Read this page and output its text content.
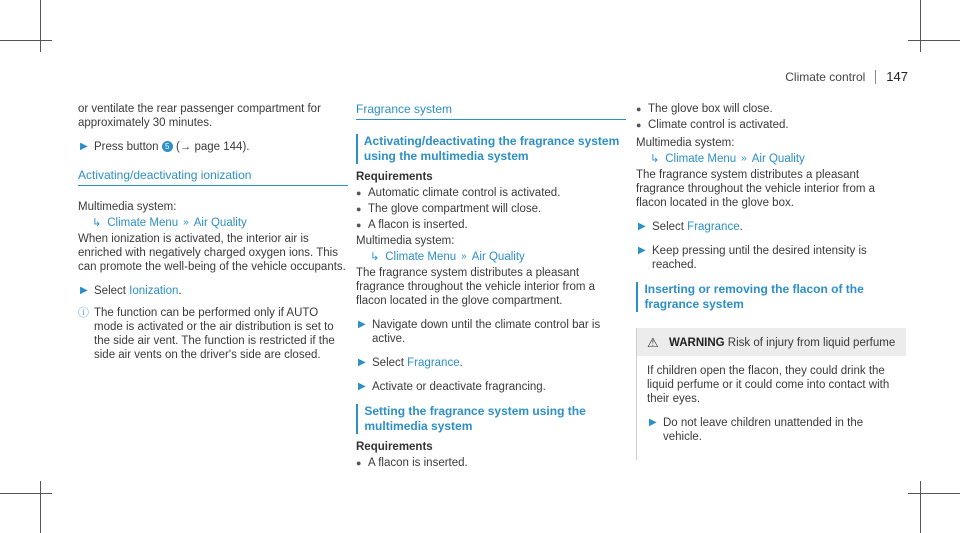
Climate control 147

or ventilate the rear passenger compartment for approximately 30 minutes.

▶ Press button 5 (→ page 144).
Activating/deactivating ionization

Multimedia system:

↳ Climate Menu » Air Quality

When ionization is activated, the interior air is enriched with negatively charged oxygen ions. This can promote the well-being of the vehicle occupants.

▶ Select Ionization.
ⓘ The function can be performed only if AUTO mode is activated or the air distribution is set to the side air vent. The function is restricted if the side air vents on the driver's side are closed.
Fragrance system
Activating/deactivating the fragrance system using the multimedia system
Requirements
● Automatic climate control is activated.
● The glove compartment will close.
● A flacon is inserted.

Multimedia system:

↳ Climate Menu » Air Quality

The fragrance system distributes a pleasant fragrance throughout the vehicle interior from a flacon located in the glove compartment.

▶ Navigate down until the climate control bar is active.
▶ Select Fragrance.
▶ Activate or deactivate fragrancing.
Setting the fragrance system using the multimedia system
Requirements
● A flacon is inserted.
● The glove box will close.
● Climate control is activated.

Multimedia system:

↳ Climate Menu » Air Quality

The fragrance system distributes a pleasant fragrance throughout the vehicle interior from a flacon located in the glove box.

▶ Select Fragrance.
▶ Keep pressing until the desired intensity is reached.
Inserting or removing the flacon of the fragrance system
⚠ WARNING Risk of injury from liquid perfume

If children open the flacon, they could drink the liquid perfume or it could come into contact with their eyes.

▶ Do not leave children unattended in the vehicle.
